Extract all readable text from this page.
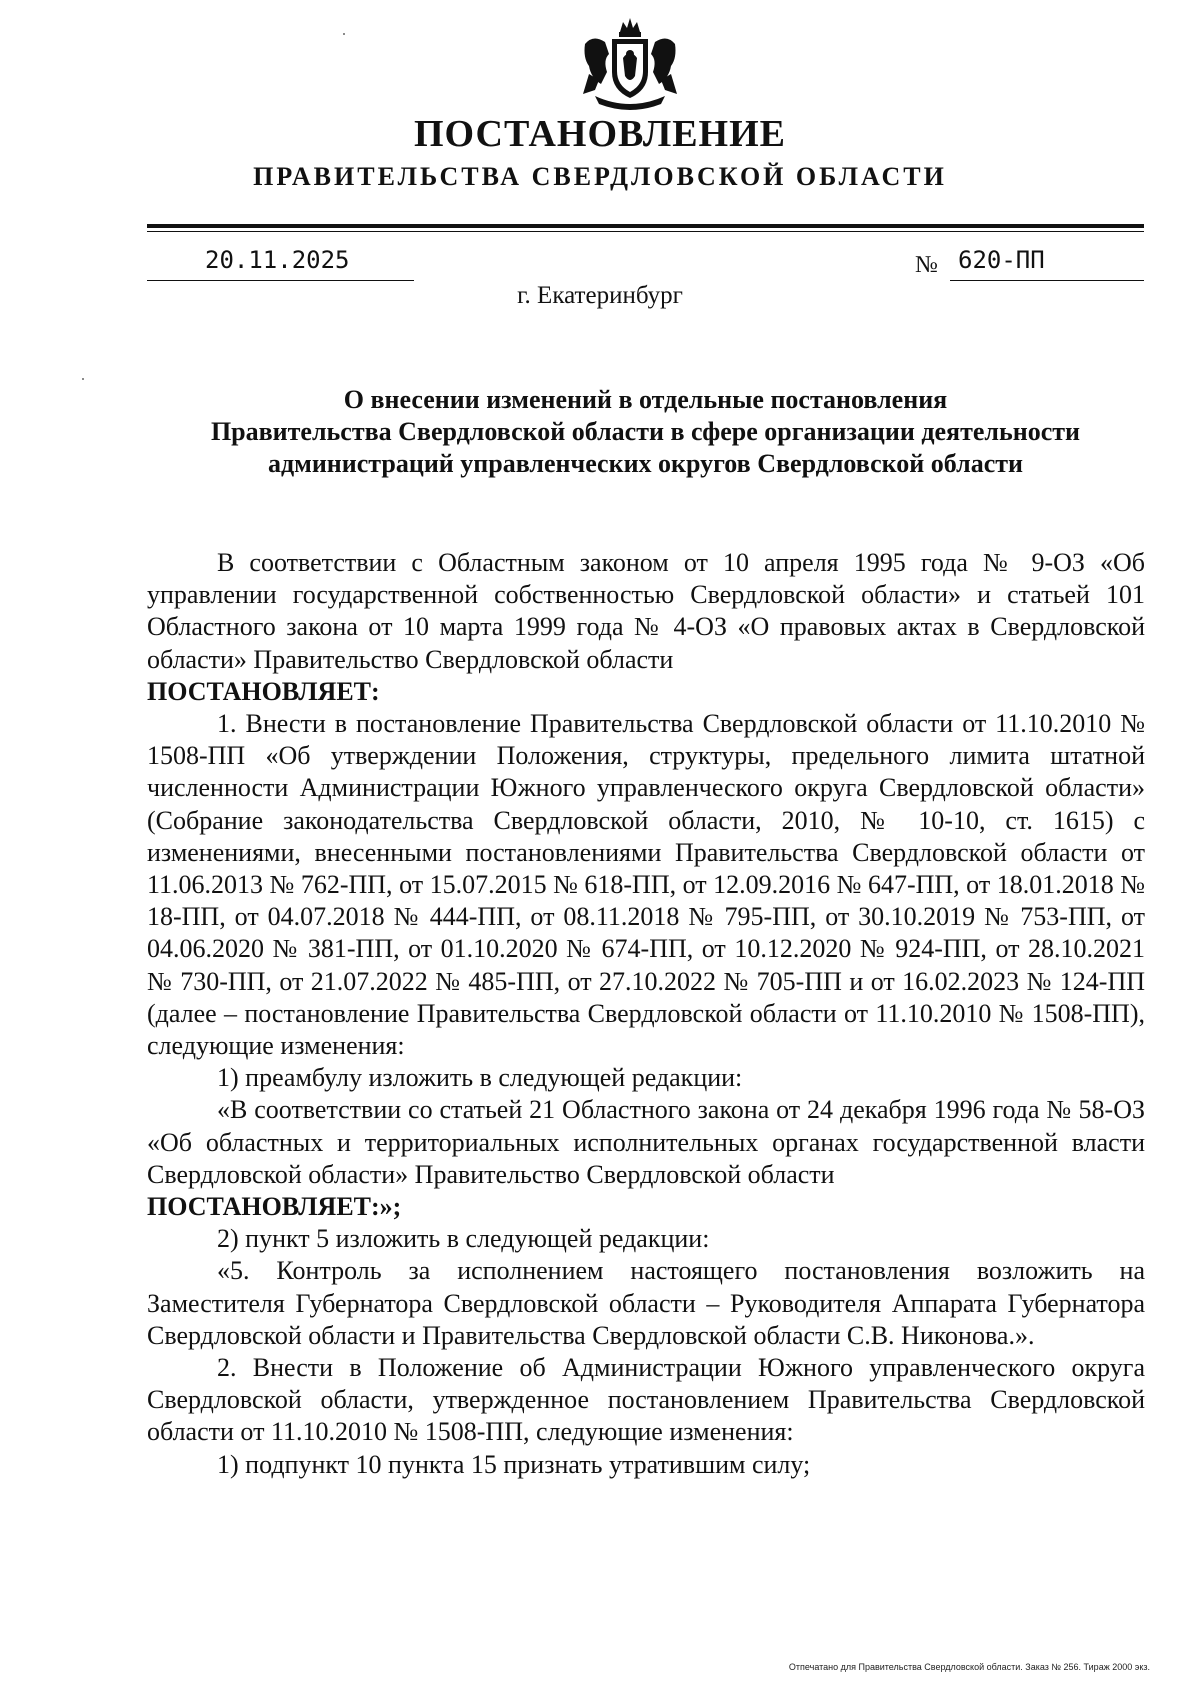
ПОСТАНОВЛЕНИЕ
ПРАВИТЕЛЬСТВА СВЕРДЛОВСКОЙ ОБЛАСТИ
20.11.2025	№ 620-ПП
г. Екатеринбург
О внесении изменений в отдельные постановления
Правительства Свердловской области в сфере организации деятельности
администраций управленческих округов Свердловской области

В соответствии с Областным законом от 10 апреля 1995 года № 9-ОЗ «Об управлении государственной собственностью Свердловской области» и статьей 101 Областного закона от 10 марта 1999 года № 4-ОЗ «О правовых актах в Свердловской области» Правительство Свердловской области

ПОСТАНОВЛЯЕТ:

1. Внести в постановление Правительства Свердловской области от 11.10.2010 № 1508-ПП «Об утверждении Положения, структуры, предельного лимита штатной численности Администрации Южного управленческого округа Свердловской области» (Собрание законодательства Свердловской области, 2010, № 10-10, ст. 1615) с изменениями, внесенными постановлениями Правительства Свердловской области от 11.06.2013 № 762-ПП, от 15.07.2015 № 618-ПП, от 12.09.2016 № 647-ПП, от 18.01.2018 № 18-ПП, от 04.07.2018 № 444-ПП, от 08.11.2018 № 795-ПП, от 30.10.2019 № 753-ПП, от 04.06.2020 № 381-ПП, от 01.10.2020 № 674-ПП, от 10.12.2020 № 924-ПП, от 28.10.2021 № 730-ПП, от 21.07.2022 № 485-ПП, от 27.10.2022 № 705-ПП и от 16.02.2023 № 124-ПП (далее – постановление Правительства Свердловской области от 11.10.2010 № 1508-ПП), следующие изменения:

1) преамбулу изложить в следующей редакции:

«В соответствии со статьей 21 Областного закона от 24 декабря 1996 года № 58-ОЗ «Об областных и территориальных исполнительных органах государственной власти Свердловской области» Правительство Свердловской области

ПОСТАНОВЛЯЕТ:»;

2) пункт 5 изложить в следующей редакции:

«5. Контроль за исполнением настоящего постановления возложить на Заместителя Губернатора Свердловской области – Руководителя Аппарата Губернатора Свердловской области и Правительства Свердловской области С.В. Никонова.».

2. Внести в Положение об Администрации Южного управленческого округа Свердловской области, утвержденное постановлением Правительства Свердловской области от 11.10.2010 № 1508-ПП, следующие изменения:

1) подпункт 10 пункта 15 признать утратившим силу;

Отпечатано для Правительства Свердловской области. Заказ № 256. Тираж 2000 экз.
